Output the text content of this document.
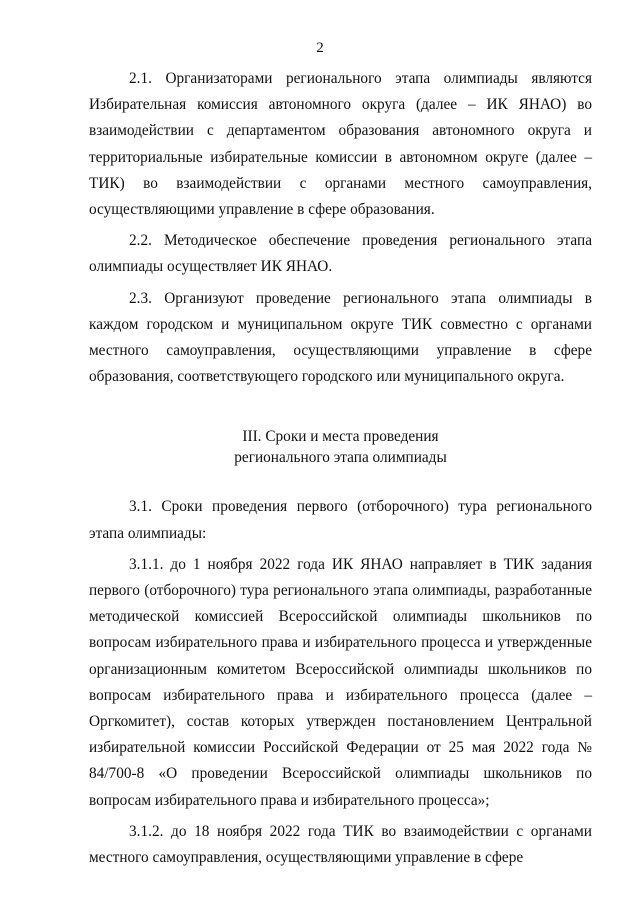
2

2.1. Организаторами регионального этапа олимпиады являются Избирательная комиссия автономного округа (далее – ИК ЯНАО) во взаимодействии с департаментом образования автономного округа и территориальные избирательные комиссии в автономном округе (далее – ТИК) во взаимодействии с органами местного самоуправления, осуществляющими управление в сфере образования.

2.2. Методическое обеспечение проведения регионального этапа олимпиады осуществляет ИК ЯНАО.

2.3. Организуют проведение регионального этапа олимпиады в каждом городском и муниципальном округе ТИК совместно с органами местного самоуправления, осуществляющими управление в сфере образования, соответствующего городского или муниципального округа.

III. Сроки и места проведения
регионального этапа олимпиады

3.1. Сроки проведения первого (отборочного) тура регионального этапа олимпиады:

3.1.1. до 1 ноября 2022 года ИК ЯНАО направляет в ТИК задания первого (отборочного) тура регионального этапа олимпиады, разработанные методической комиссией Всероссийской олимпиады школьников по вопросам избирательного права и избирательного процесса и утвержденные организационным комитетом Всероссийской олимпиады школьников по вопросам избирательного права и избирательного процесса (далее – Оргкомитет), состав которых утвержден постановлением Центральной избирательной комиссии Российской Федерации от 25 мая 2022 года № 84/700-8 «О проведении Всероссийской олимпиады школьников по вопросам избирательного права и избирательного процесса»;

3.1.2. до 18 ноября 2022 года ТИК во взаимодействии с органами местного самоуправления, осуществляющими управление в сфере
